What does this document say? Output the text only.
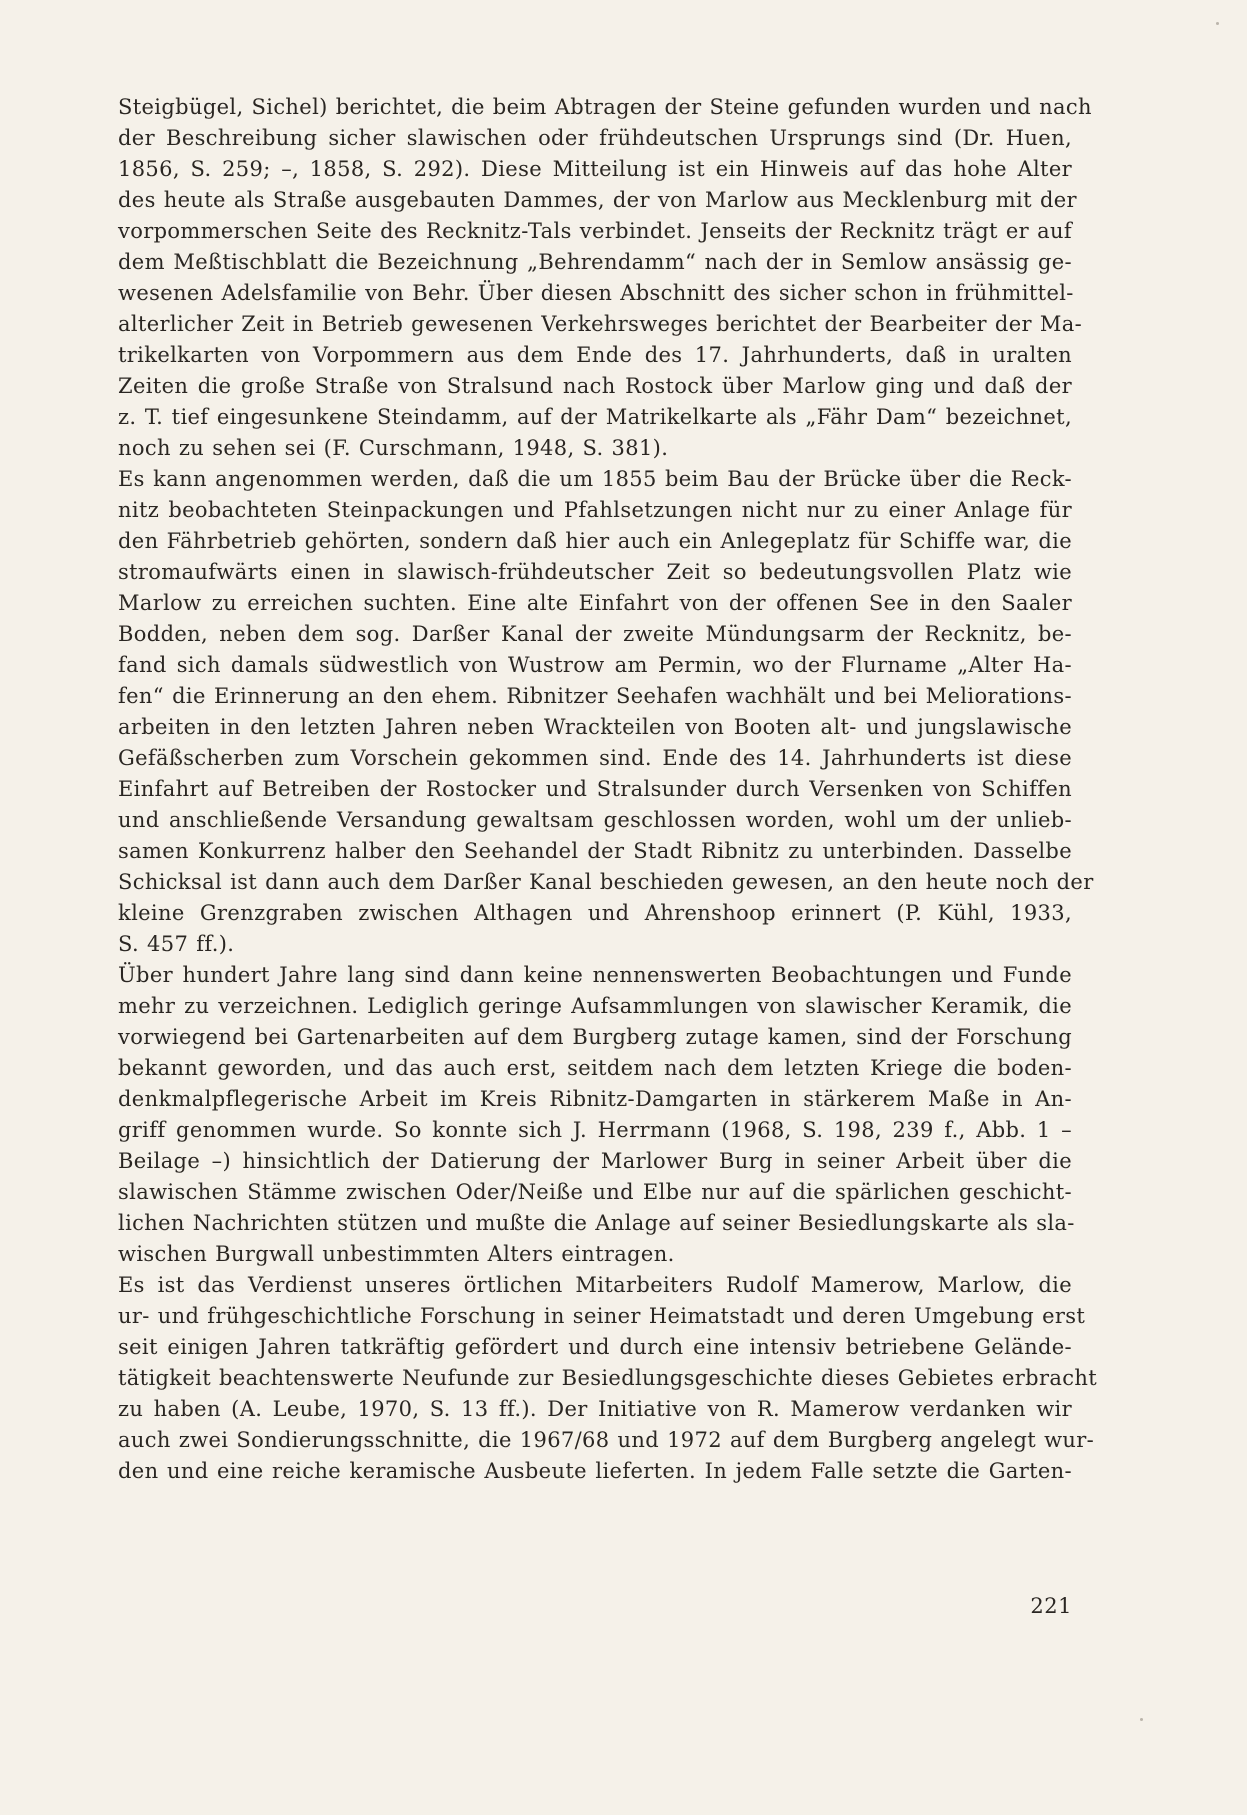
Steigbügel, Sichel) berichtet, die beim Abtragen der Steine gefunden wurden und nach
der Beschreibung sicher slawischen oder frühdeutschen Ursprungs sind (Dr. Huen,
1856, S. 259; –, 1858, S. 292). Diese Mitteilung ist ein Hinweis auf das hohe Alter
des heute als Straße ausgebauten Dammes, der von Marlow aus Mecklenburg mit der
vorpommerschen Seite des Recknitz-Tals verbindet. Jenseits der Recknitz trägt er auf
dem Meßtischblatt die Bezeichnung „Behrendamm“ nach der in Semlow ansässig ge-
wesenen Adelsfamilie von Behr. Über diesen Abschnitt des sicher schon in frühmittel-
alterlicher Zeit in Betrieb gewesenen Verkehrsweges berichtet der Bearbeiter der Ma-
trikelkarten von Vorpommern aus dem Ende des 17. Jahrhunderts, daß in uralten
Zeiten die große Straße von Stralsund nach Rostock über Marlow ging und daß der
z. T. tief eingesunkene Steindamm, auf der Matrikelkarte als „Fähr Dam“ bezeichnet,
noch zu sehen sei (F. Curschmann, 1948, S. 381).
Es kann angenommen werden, daß die um 1855 beim Bau der Brücke über die Reck-
nitz beobachteten Steinpackungen und Pfahlsetzungen nicht nur zu einer Anlage für
den Fährbetrieb gehörten, sondern daß hier auch ein Anlegeplatz für Schiffe war, die
stromaufwärts einen in slawisch-frühdeutscher Zeit so bedeutungsvollen Platz wie
Marlow zu erreichen suchten. Eine alte Einfahrt von der offenen See in den Saaler
Bodden, neben dem sog. Darßer Kanal der zweite Mündungsarm der Recknitz, be-
fand sich damals südwestlich von Wustrow am Permin, wo der Flurname „Alter Ha-
fen“ die Erinnerung an den ehem. Ribnitzer Seehafen wachhält und bei Meliorations-
arbeiten in den letzten Jahren neben Wrackteilen von Booten alt- und jungslawische
Gefäßscherben zum Vorschein gekommen sind. Ende des 14. Jahrhunderts ist diese
Einfahrt auf Betreiben der Rostocker und Stralsunder durch Versenken von Schiffen
und anschließende Versandung gewaltsam geschlossen worden, wohl um der unlieb-
samen Konkurrenz halber den Seehandel der Stadt Ribnitz zu unterbinden. Dasselbe
Schicksal ist dann auch dem Darßer Kanal beschieden gewesen, an den heute noch der
kleine Grenzgraben zwischen Althagen und Ahrenshoop erinnert (P. Kühl, 1933,
S. 457 ff.).
Über hundert Jahre lang sind dann keine nennenswerten Beobachtungen und Funde
mehr zu verzeichnen. Lediglich geringe Aufsammlungen von slawischer Keramik, die
vorwiegend bei Gartenarbeiten auf dem Burgberg zutage kamen, sind der Forschung
bekannt geworden, und das auch erst, seitdem nach dem letzten Kriege die boden-
denkmalpflegerische Arbeit im Kreis Ribnitz-Damgarten in stärkerem Maße in An-
griff genommen wurde. So konnte sich J. Herrmann (1968, S. 198, 239 f., Abb. 1 –
Beilage –) hinsichtlich der Datierung der Marlower Burg in seiner Arbeit über die
slawischen Stämme zwischen Oder/Neiße und Elbe nur auf die spärlichen geschicht-
lichen Nachrichten stützen und mußte die Anlage auf seiner Besiedlungskarte als sla-
wischen Burgwall unbestimmten Alters eintragen.
Es ist das Verdienst unseres örtlichen Mitarbeiters Rudolf Mamerow, Marlow, die
ur- und frühgeschichtliche Forschung in seiner Heimatstadt und deren Umgebung erst
seit einigen Jahren tatkräftig gefördert und durch eine intensiv betriebene Gelände-
tätigkeit beachtenswerte Neufunde zur Besiedlungsgeschichte dieses Gebietes erbracht
zu haben (A. Leube, 1970, S. 13 ff.). Der Initiative von R. Mamerow verdanken wir
auch zwei Sondierungsschnitte, die 1967/68 und 1972 auf dem Burgberg angelegt wur-
den und eine reiche keramische Ausbeute lieferten. In jedem Falle setzte die Garten-
221
